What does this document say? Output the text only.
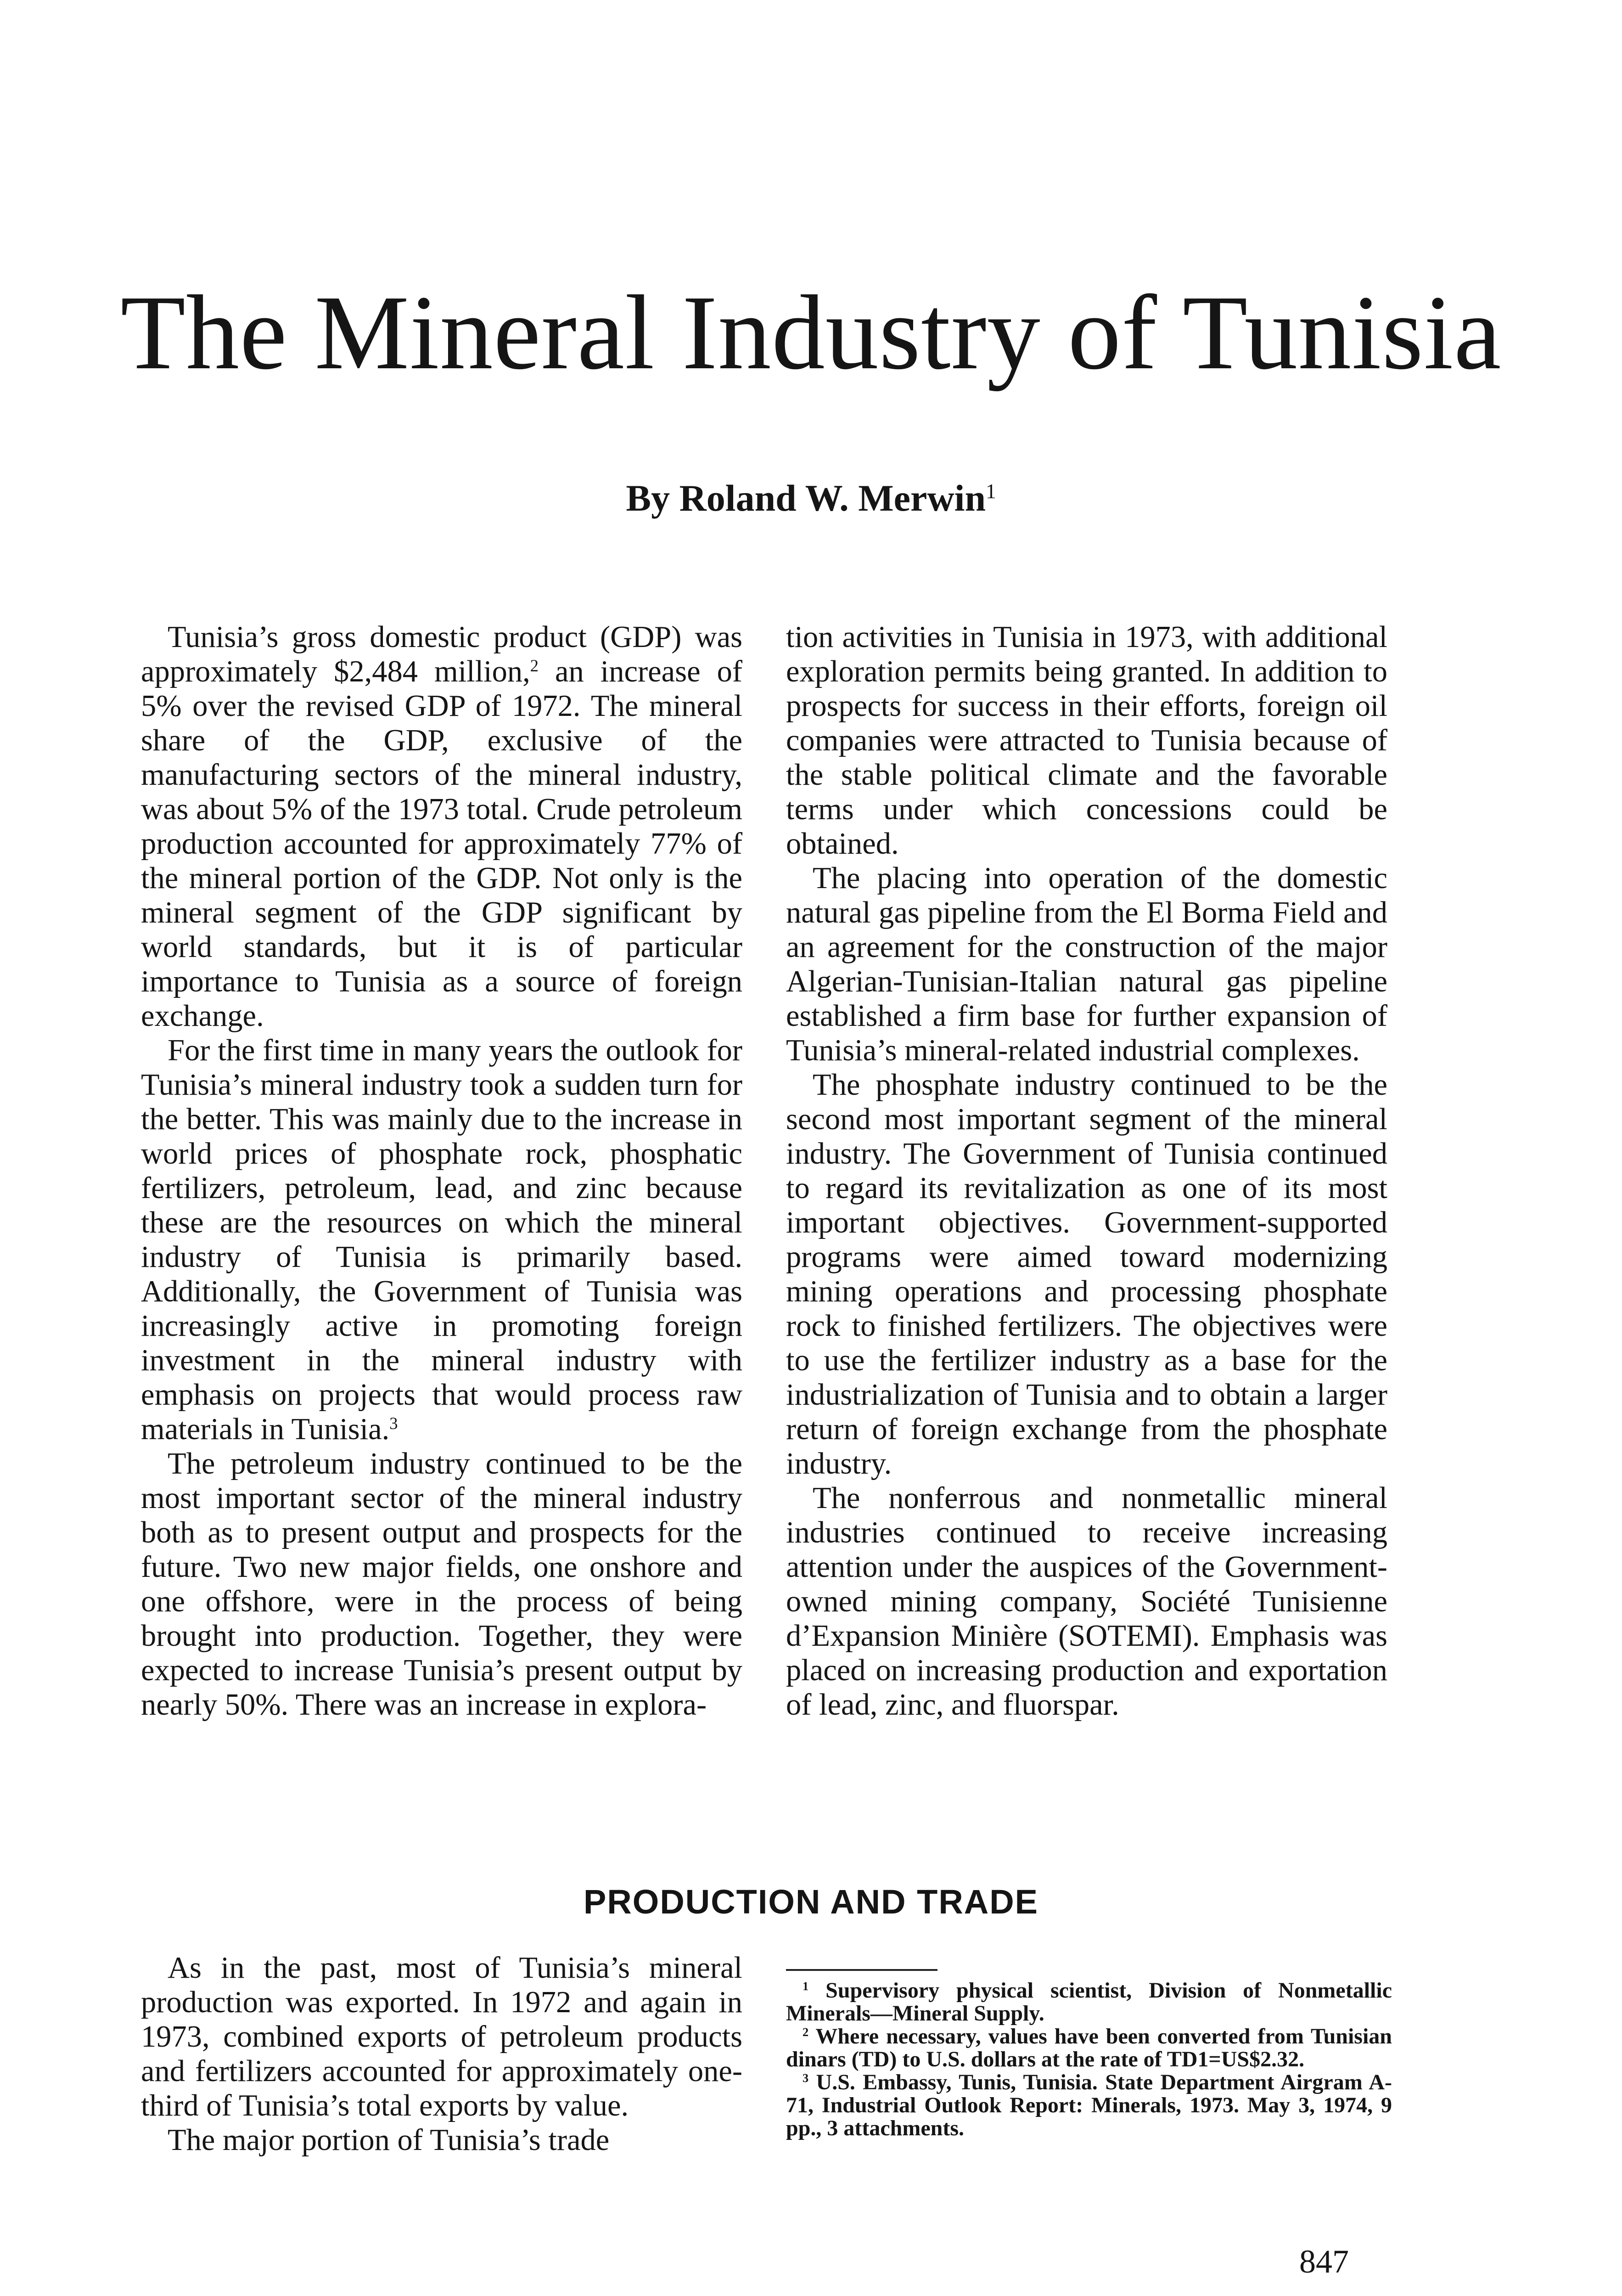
The Mineral Industry of Tunisia
By Roland W. Merwin$^1$

Tunisia’s gross domestic product (GDP) was approximately $2,484 million,$^2$ an increase of 5% over the revised GDP of 1972. The mineral share of the GDP, exclusive of the manufacturing sectors of the mineral industry, was about 5% of the 1973 total. Crude petroleum production accounted for approximately 77% of the mineral portion of the GDP. Not only is the mineral segment of the GDP significant by world standards, but it is of particular importance to Tunisia as a source of foreign exchange.

For the first time in many years the outlook for Tunisia’s mineral industry took a sudden turn for the better. This was mainly due to the increase in world prices of phosphate rock, phosphatic fertilizers, petroleum, lead, and zinc because these are the resources on which the mineral industry of Tunisia is primarily based. Additionally, the Government of Tunisia was increasingly active in promoting foreign investment in the mineral industry with emphasis on projects that would process raw materials in Tunisia.$^3$

The petroleum industry continued to be the most important sector of the mineral industry both as to present output and prospects for the future. Two new major fields, one onshore and one offshore, were in the process of being brought into production. Together, they were expected to increase Tunisia’s present output by nearly 50%. There was an increase in explora-

tion activities in Tunisia in 1973, with additional exploration permits being granted. In addition to prospects for success in their efforts, foreign oil companies were attracted to Tunisia because of the stable political climate and the favorable terms under which concessions could be obtained.

The placing into operation of the domestic natural gas pipeline from the El Borma Field and an agreement for the construction of the major Algerian-Tunisian-Italian natural gas pipeline established a firm base for further expansion of Tunisia’s mineral-related industrial complexes.

The phosphate industry continued to be the second most important segment of the mineral industry. The Government of Tunisia continued to regard its revitalization as one of its most important objectives. Government-supported programs were aimed toward modernizing mining operations and processing phosphate rock to finished fertilizers. The objectives were to use the fertilizer industry as a base for the industrialization of Tunisia and to obtain a larger return of foreign exchange from the phosphate industry.

The nonferrous and nonmetallic mineral industries continued to receive increasing attention under the auspices of the Government-owned mining company, Société Tunisienne d’Expansion Minière (SOTEMI). Emphasis was placed on increasing production and exportation of lead, zinc, and fluorspar.

PRODUCTION AND TRADE

As in the past, most of Tunisia’s mineral production was exported. In 1972 and again in 1973, combined exports of petroleum products and fertilizers accounted for approximately one-third of Tunisia’s total exports by value.

The major portion of Tunisia’s trade

$^1$ Supervisory physical scientist, Division of Nonmetallic Minerals—Mineral Supply.

$^2$ Where necessary, values have been converted from Tunisian dinars (TD) to U.S. dollars at the rate of TD1=US$2.32.

$^3$ U.S. Embassy, Tunis, Tunisia. State Department Airgram A-71, Industrial Outlook Report: Minerals, 1973. May 3, 1974, 9 pp., 3 attachments.

847
